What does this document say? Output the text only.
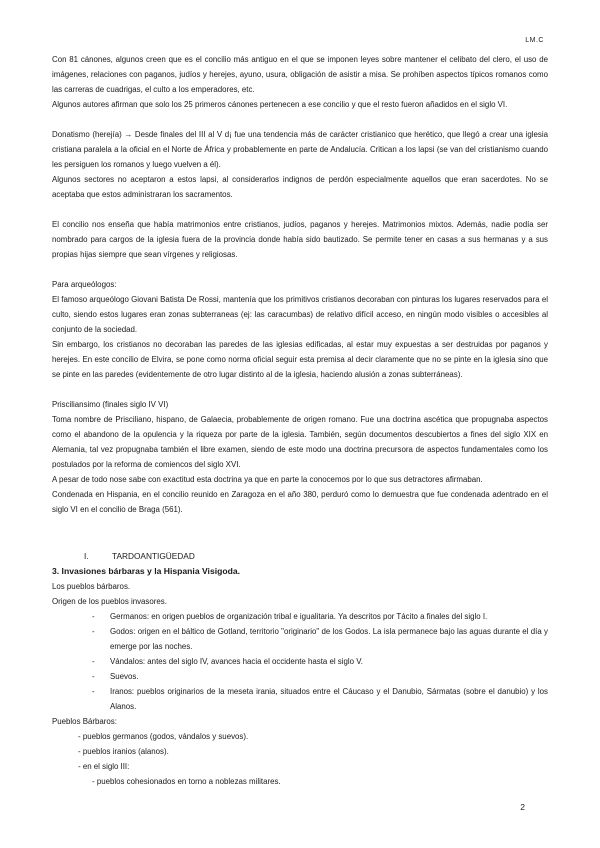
LM.C

Con 81 cánones, algunos creen que es el concilio más antiguo en el que se imponen leyes sobre mantener el celibato del clero, el uso de imágenes, relaciones con paganos, judíos y herejes, ayuno, usura, obligación de asistir a misa. Se prohíben aspectos típicos romanos como las carreras de cuadrigas, el culto a los emperadores, etc.

Algunos autores afirman que solo los 25 primeros cánones pertenecen a ese concilio y que el resto fueron añadidos en el siglo VI.

Donatismo (herejía) → Desde finales del III al V d¡ fue una tendencia más de carácter cristianico que herético, que llegó a crear una iglesia cristiana paralela a la oficial en el Norte de África y probablemente en parte de Andalucía. Critican a los lapsi (se van del cristianismo cuando les persiguen los romanos y luego vuelven a él).

Algunos sectores no aceptaron a estos lapsi, al considerarlos indignos de perdón especialmente aquellos que eran sacerdotes. No se aceptaba que estos administraran los sacramentos.

El concilio nos enseña que había matrimonios entre cristianos, judíos, paganos y herejes. Matrimonios mixtos. Además, nadie podía ser nombrado para cargos de la iglesia fuera de la provincia donde había sido bautizado. Se permite tener en casas a sus hermanas y a sus propias hijas siempre que sean vírgenes y religiosas.

Para arqueólogos:

El famoso arqueólogo Giovani Batista De Rossi, mantenía que los primitivos cristianos decoraban con pinturas los lugares reservados para el culto, siendo estos lugares eran zonas subterraneas (ej: las caracumbas) de relativo difícil acceso, en ningún modo visibles o accesibles al conjunto de la sociedad.

Sin embargo, los cristianos no decoraban las paredes de las iglesias edificadas, al estar muy expuestas a ser destruidas por paganos y herejes. En este concilio de Elvira, se pone como norma oficial seguir esta premisa al decir claramente que no se pinte en la iglesia sino que se pinte en las paredes (evidentemente de otro lugar distinto al de la iglesia, haciendo alusión a zonas subterráneas).

Prisciliansimo (finales siglo IV VI)

Toma nombre de Prisciliano, hispano, de Galaecia, probablemente de origen romano. Fue una doctrina ascética que propugnaba aspectos como el abandono de la opulencia y la riqueza por parte de la iglesia. También, según documentos descubiertos a fines del siglo XIX en Alemania, tal vez propugnaba también el libre examen, siendo de este modo una doctrina precursora de aspectos fundamentales como los postulados por la reforma de comiencos del siglo XVI.

A pesar de todo nose sabe con exactitud esta doctrina ya que en parte la conocemos por lo que sus detractores afirmaban.

Condenada en Hispania, en el concilio reunido en Zaragoza en el año 380, perduró como lo demuestra que fue condenada adentrado en el siglo VI en el concilio de Braga (561).

I.	TARDOANTIGÜEDAD
3. Invasiones bárbaras y la Hispania Visigoda.

Los pueblos bárbaros.

Origen de los pueblos invasores.

- Germanos: en origen pueblos de organización tribal e igualitaria. Ya descritos por Tácito a finales del siglo I.
- Godos: origen en el báltico de Gotland, territorio "originario" de los Godos. La isla permanece bajo las aguas durante el día y emerge por las noches.
- Vándalos: antes del siglo IV, avances hacia el occidente hasta el siglo V.
- Suevos.
- Iranos: pueblos originarios de la meseta irania, situados entre el Cáucaso y el Danubio, Sármatas (sobre el danubio) y los Alanos.

Pueblos Bárbaros:

- pueblos germanos (godos, vándalos y suevos).

- pueblos iranios (alanos).

- en el siglo III:

- pueblos cohesionados en torno a noblezas militares.

2
